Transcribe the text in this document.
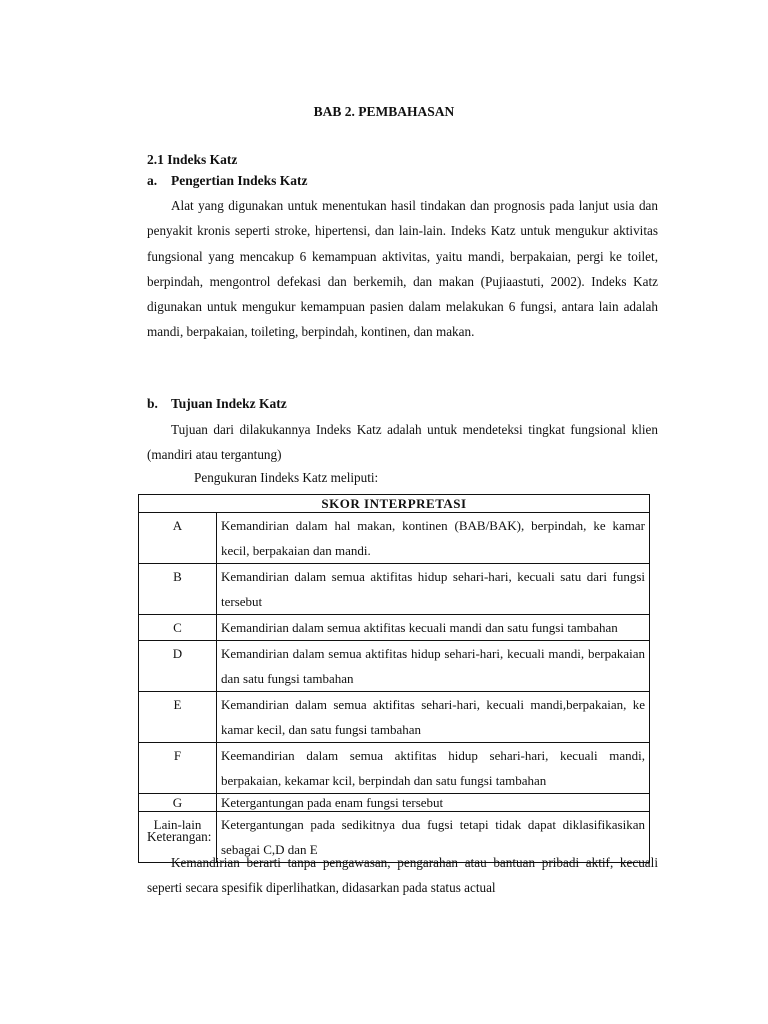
BAB 2. PEMBAHASAN
2.1 Indeks Katz
a. Pengertian Indeks Katz
Alat yang digunakan untuk menentukan hasil tindakan dan prognosis pada lanjut usia dan penyakit kronis seperti stroke, hipertensi, dan lain-lain. Indeks Katz untuk mengukur aktivitas fungsional yang mencakup 6 kemampuan aktivitas, yaitu mandi, berpakaian, pergi ke toilet, berpindah, mengontrol defekasi dan berkemih, dan makan (Pujiaastuti, 2002). Indeks Katz digunakan untuk mengukur kemampuan pasien dalam melakukan 6 fungsi, antara lain adalah mandi, berpakaian, toileting, berpindah, kontinen, dan makan.
b. Tujuan Indekz Katz
Tujuan dari dilakukannya Indeks Katz adalah untuk mendeteksi tingkat fungsional klien (mandiri atau tergantung)
Pengukuran Iindeks Katz meliputi:
SKOR INTERPRETASI	
A	Kemandirian dalam hal makan, kontinen (BAB/BAK), berpindah, ke kamar kecil, berpakaian dan mandi.
B	Kemandirian dalam semua aktifitas hidup sehari-hari, kecuali satu dari fungsi tersebut
C	Kemandirian dalam semua aktifitas kecuali mandi dan satu fungsi tambahan
D	Kemandirian dalam semua aktifitas hidup sehari-hari, kecuali mandi, berpakaian dan satu fungsi tambahan
E	Kemandirian dalam semua aktifitas sehari-hari, kecuali mandi,berpakaian, ke kamar kecil, dan satu fungsi tambahan
F	Keemandirian dalam semua aktifitas hidup sehari-hari, kecuali mandi, berpakaian, kekamar kcil, berpindah dan satu fungsi tambahan
G	Ketergantungan pada enam fungsi tersebut
Lain-lain	Ketergantungan pada sedikitnya dua fugsi tetapi tidak dapat diklasifikasikan sebagai C,D dan E
Keterangan:
Kemandirian berarti tanpa pengawasan, pengarahan atau bantuan pribadi aktif, kecuali seperti secara spesifik diperlihatkan, didasarkan pada status actual
